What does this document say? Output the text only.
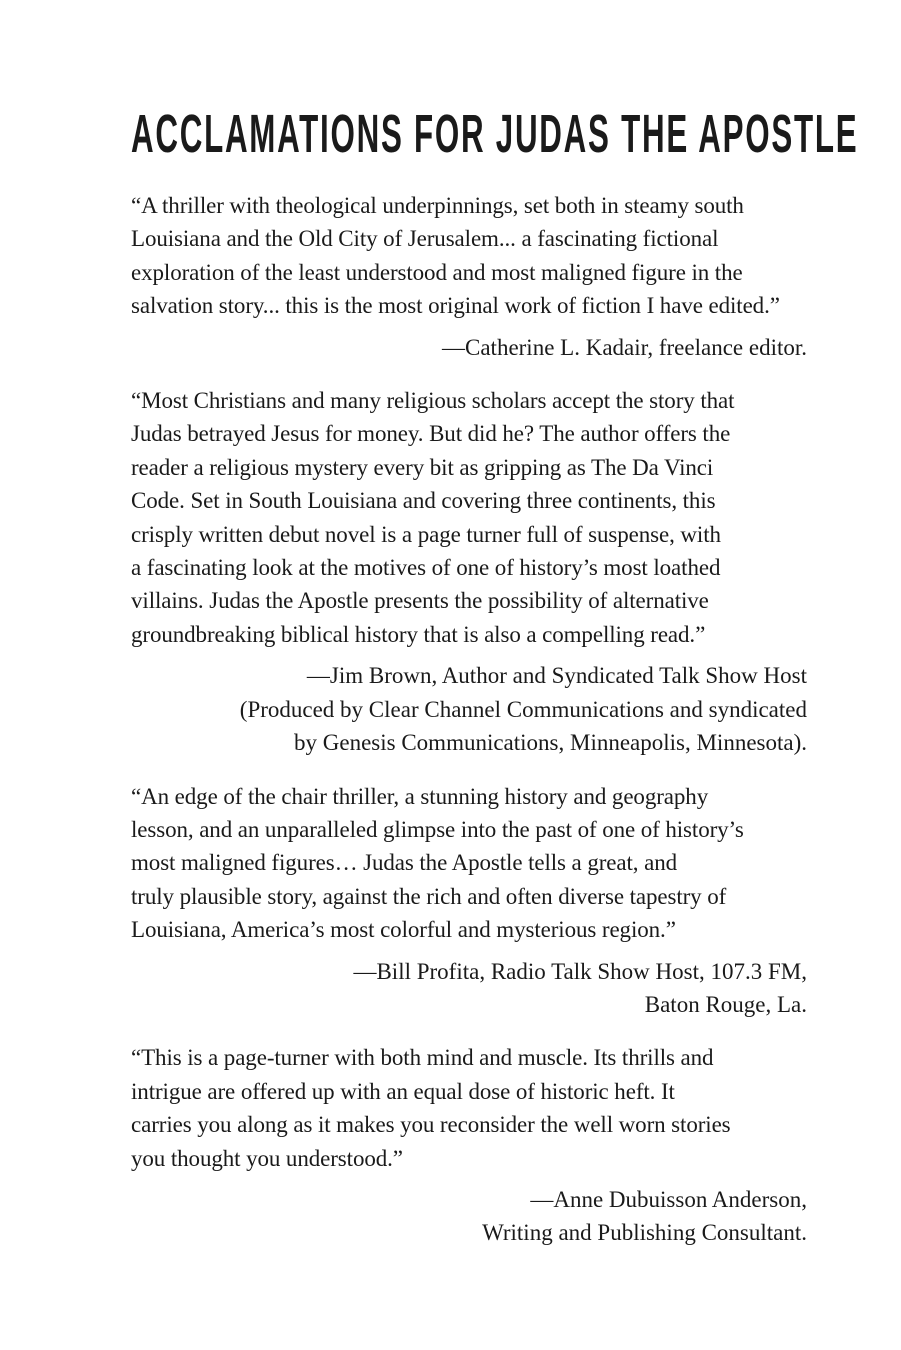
ACCLAMATIONS FOR JUDAS THE APOSTLE

“A thriller with theological underpinnings, set both in steamy south
Louisiana and the Old City of Jerusalem... a fascinating fictional
exploration of the least understood and most maligned figure in the
salvation story... this is the most original work of fiction I have edited.”

—Catherine L. Kadair, freelance editor.

“Most Christians and many religious scholars accept the story that
Judas betrayed Jesus for money. But did he? The author offers the
reader a religious mystery every bit as gripping as The Da Vinci
Code. Set in South Louisiana and covering three continents, this
crisply written debut novel is a page turner full of suspense, with
a fascinating look at the motives of one of history’s most loathed
villains. Judas the Apostle presents the possibility of alternative
groundbreaking biblical history that is also a compelling read.”

—Jim Brown, Author and Syndicated Talk Show Host
(Produced by Clear Channel Communications and syndicated
by Genesis Communications, Minneapolis, Minnesota).

“An edge of the chair thriller, a stunning history and geography
lesson, and an unparalleled glimpse into the past of one of history’s
most maligned figures… Judas the Apostle tells a great, and
truly plausible story, against the rich and often diverse tapestry of
Louisiana, America’s most colorful and mysterious region.”

—Bill Profita, Radio Talk Show Host, 107.3 FM,
Baton Rouge, La.

“This is a page-turner with both mind and muscle. Its thrills and
intrigue are offered up with an equal dose of historic heft. It
carries you along as it makes you reconsider the well worn stories
you thought you understood.”

—Anne Dubuisson Anderson,
Writing and Publishing Consultant.
